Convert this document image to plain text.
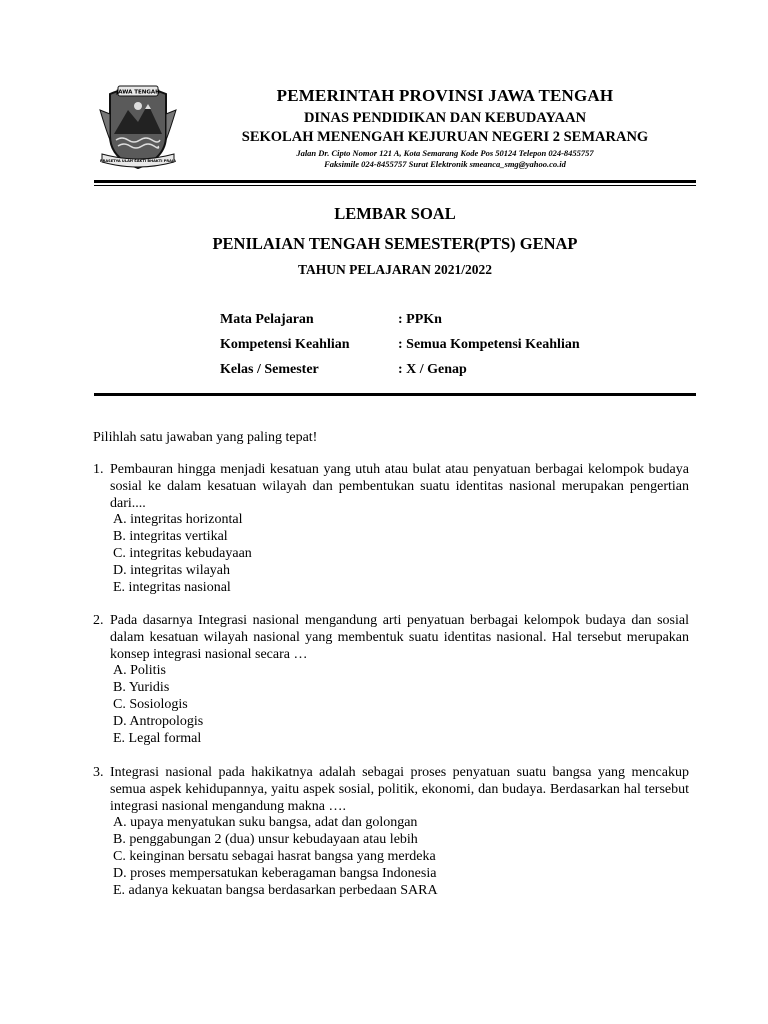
JAWA TENGAH
PRASETYA ULAH SAKTI BHAKTI PRAJA
PEMERINTAH PROVINSI JAWA TENGAH
DINAS PENDIDIKAN DAN KEBUDAYAAN
SEKOLAH MENENGAH KEJURUAN NEGERI 2 SEMARANG
Jalan Dr. Cipto Nomor 121 A, Kota Semarang Kode Pos 50124 Telepon 024-8455757
Faksimile 024-8455757 Surat Elektronik smeanca_smg@yahoo.co.id
LEMBAR SOAL
PENILAIAN TENGAH SEMESTER(PTS) GENAP
TAHUN PELAJARAN 2021/2022
Mata Pelajaran	: PPKn
Kompetensi Keahlian	: Semua Kompetensi Keahlian
Kelas / Semester	: X / Genap
Pilihlah satu jawaban yang paling tepat!
1. Pembauran hingga menjadi kesatuan yang utuh atau bulat atau penyatuan berbagai kelompok budaya sosial ke dalam kesatuan wilayah dan pembentukan suatu identitas nasional merupakan pengertian dari....
A. integritas horizontal
B. integritas vertikal
C. integritas kebudayaan
D. integritas wilayah
E. integritas nasional
2. Pada dasarnya Integrasi nasional mengandung arti penyatuan berbagai kelompok budaya dan sosial dalam kesatuan wilayah nasional yang membentuk suatu identitas nasional. Hal tersebut merupakan konsep integrasi nasional secara …
A. Politis
B. Yuridis
C. Sosiologis
D. Antropologis
E. Legal formal
3. Integrasi nasional pada hakikatnya adalah sebagai proses penyatuan suatu bangsa yang mencakup semua aspek kehidupannya, yaitu aspek sosial, politik, ekonomi, dan budaya. Berdasarkan hal tersebut integrasi nasional mengandung makna ….
A. upaya menyatukan suku bangsa, adat dan golongan
B. penggabungan 2 (dua) unsur kebudayaan atau lebih
C. keinginan bersatu sebagai hasrat bangsa yang merdeka
D. proses mempersatukan keberagaman bangsa Indonesia
E. adanya kekuatan bangsa berdasarkan perbedaan SARA
